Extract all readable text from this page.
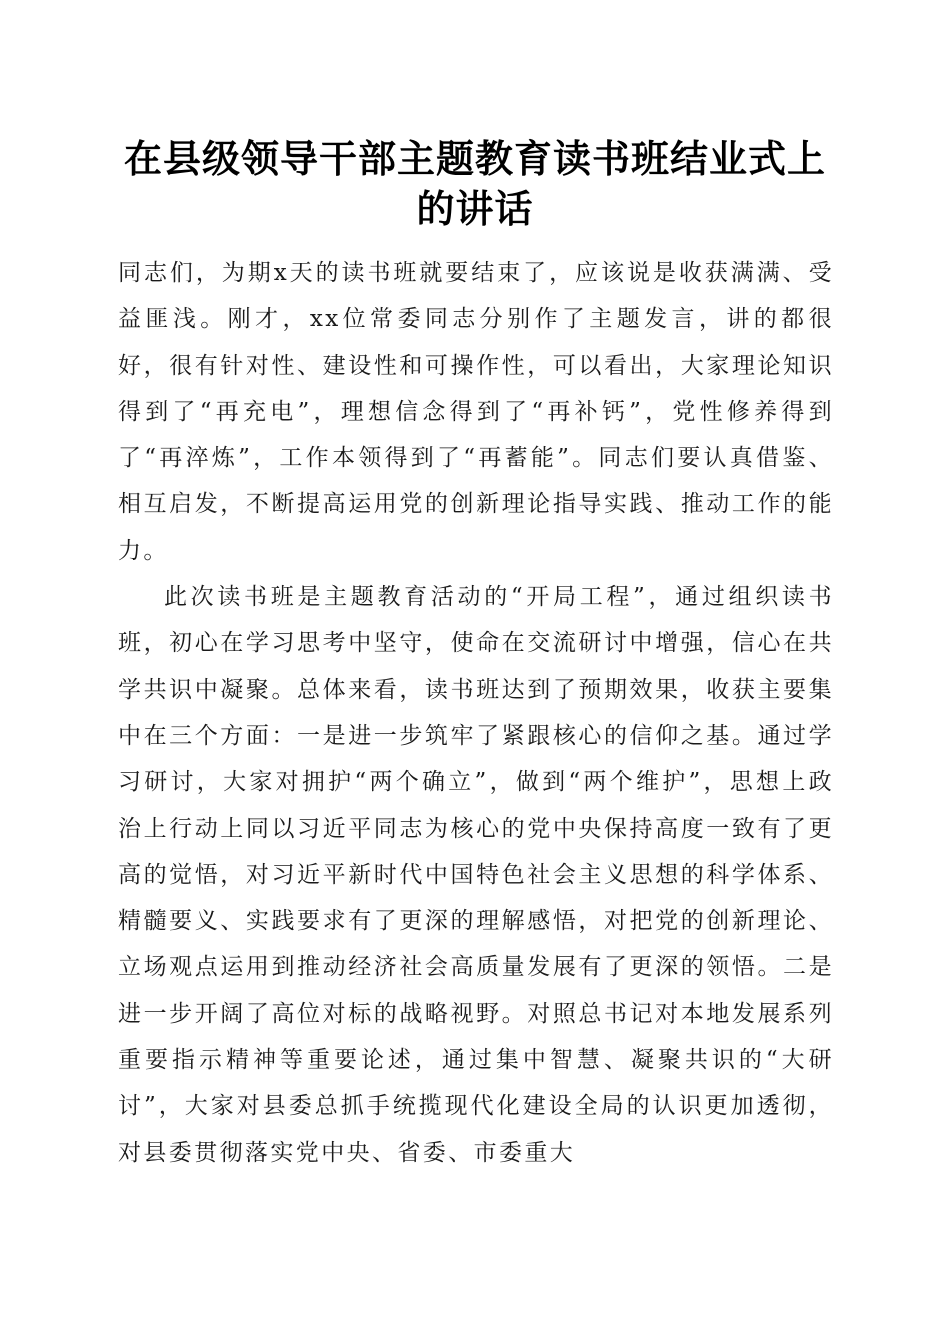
在县级领导干部主题教育读书班结业式上的讲话

同志们，为期x天的读书班就要结束了，应该说是收获满满、受益匪浅。刚才，xx位常委同志分别作了主题发言，讲的都很好，很有针对性、建设性和可操作性，可以看出，大家理论知识得到了“再充电”，理想信念得到了“再补钙”，党性修养得到了“再淬炼”，工作本领得到了“再蓄能”。同志们要认真借鉴、相互启发，不断提高运用党的创新理论指导实践、推动工作的能力。

此次读书班是主题教育活动的“开局工程”，通过组织读书班，初心在学习思考中坚守，使命在交流研讨中增强，信心在共学共识中凝聚。总体来看，读书班达到了预期效果，收获主要集中在三个方面：一是进一步筑牢了紧跟核心的信仰之基。通过学习研讨，大家对拥护“两个确立”，做到“两个维护”，思想上政治上行动上同以习近平同志为核心的党中央保持高度一致有了更高的觉悟，对习近平新时代中国特色社会主义思想的科学体系、精髓要义、实践要求有了更深的理解感悟，对把党的创新理论、立场观点运用到推动经济社会高质量发展有了更深的领悟。二是进一步开阔了高位对标的战略视野。对照总书记对本地发展系列重要指示精神等重要论述，通过集中智慧、凝聚共识的“大研讨”，大家对县委总抓手统揽现代化建设全局的认识更加透彻，对县委贯彻落实党中央、省委、市委重大
